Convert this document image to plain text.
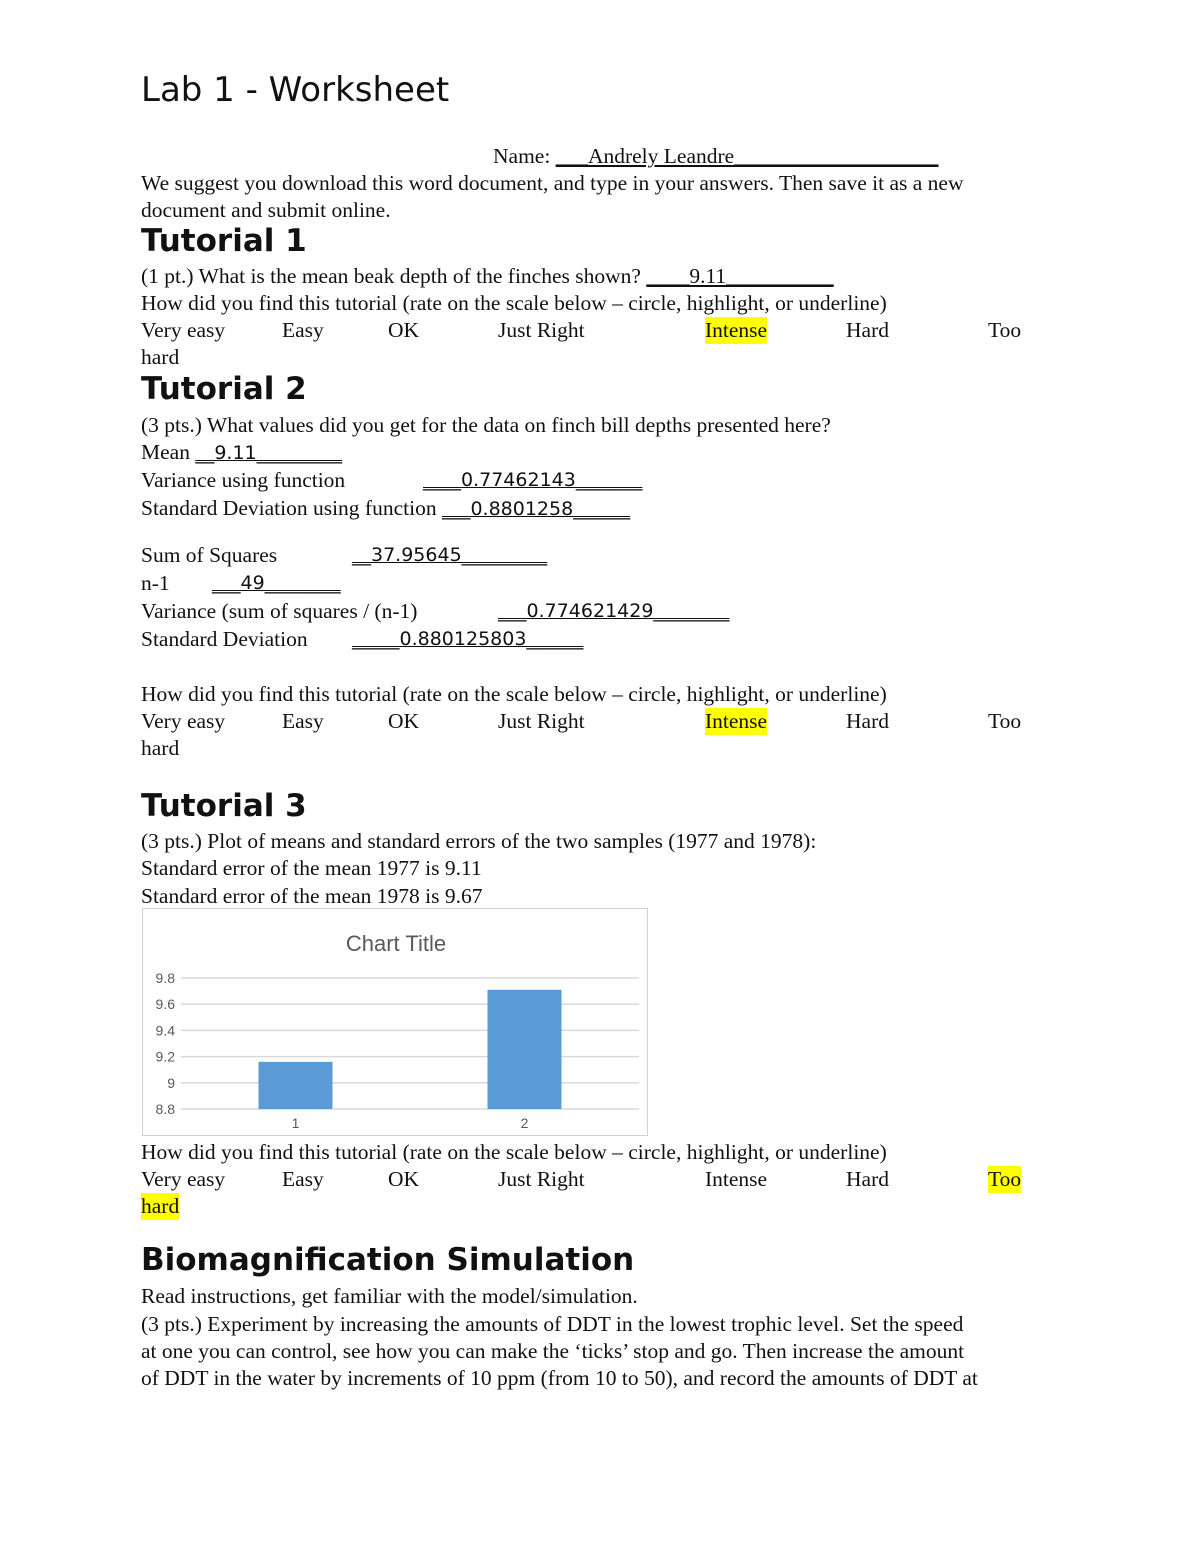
Lab 1 - Worksheet
Name: ___Andrely Leandre___________________
We suggest you download this word document, and type in your answers. Then save it as a new
document and submit online.
Tutorial 1
(1 pt.) What is the mean beak depth of the finches shown? ____9.11__________
How did you find this tutorial (rate on the scale below – circle, highlight, or underline)
Very easy	Easy	OK	Just Right	Intense	Hard	Too
hard
Tutorial 2
(3 pts.) What values did you get for the data on finch bill depths presented here?
Mean __9.11_________
Variance using function	____0.77462143_______
Standard Deviation using function ___0.8801258______
Sum of Squares	__37.95645_________
n-1 ___49________
Variance (sum of squares / (n-1)	___0.774621429________
Standard Deviation _____0.880125803______
How did you find this tutorial (rate on the scale below – circle, highlight, or underline)
Very easy	Easy	OK	Just Right	Intense	Hard	Too
hard
Tutorial 3
(3 pts.) Plot of means and standard errors of the two samples (1977 and 1978):
Standard error of the mean 1977 is 9.11
Standard error of the mean 1978 is 9.67
Chart Title
9.8
9.6
9.4
9.2
9
8.8
1	2
How did you find this tutorial (rate on the scale below – circle, highlight, or underline)
Very easy	Easy	OK	Just Right	Intense	Hard	Too
hard
Biomagnification Simulation
Read instructions, get familiar with the model/simulation.
(3 pts.) Experiment by increasing the amounts of DDT in the lowest trophic level. Set the speed
at one you can control, see how you can make the ‘ticks’ stop and go. Then increase the amount
of DDT in the water by increments of 10 ppm (from 10 to 50), and record the amounts of DDT at
